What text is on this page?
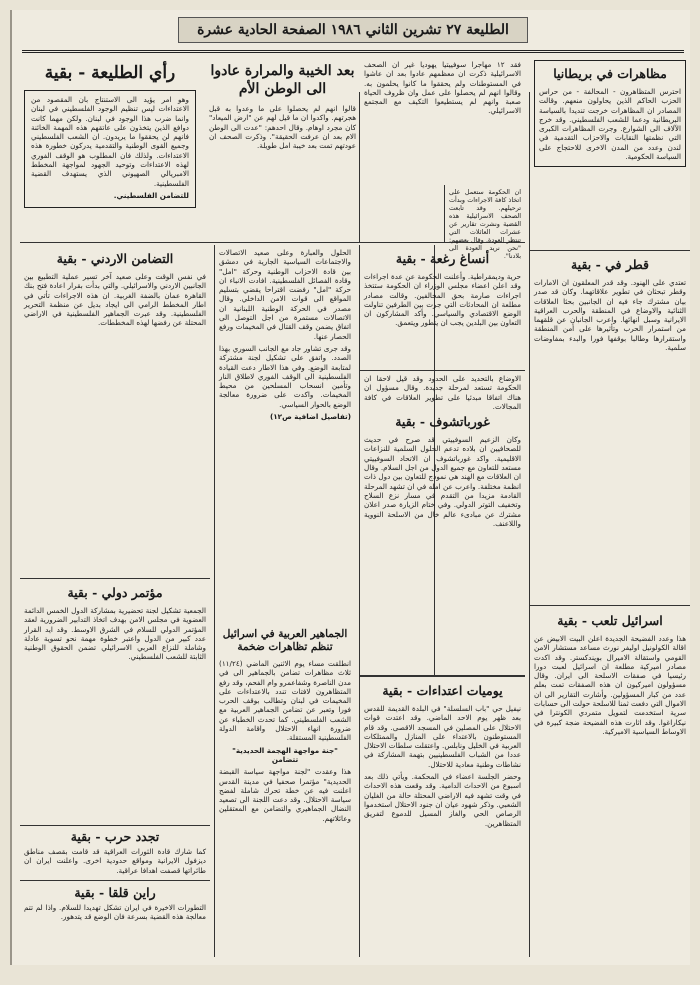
الطليعة ٢٧ تشرين الثاني ١٩٨٦ الصفحة الحادية عشرة
مظاهرات في بريطانيا

احترس المتظاهرون - المحالفة - من حراس الحزب الحاكم الذين يحاولون منعهم. وقالت المصادر ان المظاهرات خرجت تنديدا بالسياسة البريطانية ودعما للشعب الفلسطيني. وقد خرج الآلاف الى الشوارع. وجرت المظاهرات الكبرى التي نظمتها النقابات والاحزاب التقدمية في لندن وعدد من المدن الاخرى للاحتجاج على السياسة الحكومية.

فقد ١٢ مهاجرا سوفييتيا يهوديا غير ان الصحف الاسرائيلية ذكرت ان معظمهم عادوا بعد ان عاشوا في المستوطنات ولم يحققوا ما كانوا يحلمون به. وقالوا انهم لم يحصلوا على عمل وان ظروف الحياة صعبة وانهم لم يستطيعوا التكيف مع المجتمع الاسرائيلي.

بعد الخيبة والمرارة عادوا الى الوطن الأم

قالوا انهم لم يحصلوا على ما وعدوا به قبل هجرتهم. واكدوا ان ما قيل لهم عن "ارض الميعاد" كان مجرد اوهام. وقال احدهم: "عدت الى الوطن الام بعد ان عرفت الحقيقة". وذكرت الصحف ان عودتهم تمت بعد خيبة امل طويلة.

ان الحكومة ستعمل على اتخاذ كافة الاجراءات وبدأت ترحيلهم. وقد تابعت الصحف الاسرائيلية هذه القضية ونشرت تقارير عن عشرات العائلات التي تنتظر العودة. وقال بعضهم: "نحن نريد العودة الى بلادنا".

رأي الطليعة - بقية

وهو امر يؤيد الى الاستنتاج بان المقصود من الاعتداءات ليس تنظيم الوجود الفلسطيني في لبنان وانما ضرب هذا الوجود في لبنان. ولكن مهما كانت دوافع الذين يتخذون على عاتقهم هذه المهمة الخائنة فانهم لن يحققوا ما يريدون. ان الشعب الفلسطيني وجميع القوى الوطنية والتقدمية يدركون خطورة هذه الاعتداءات. ولذلك فان المطلوب هو الوقف الفوري لهذه الاعتداءات وتوحيد الجهود لمواجهة المخطط الامبريالي الصهيوني الذي يستهدف القضية الفلسطينية.

للتضامن الفلسطيني.

قطر في - بقية

تعتدي على الهنود. وقد قدر المعلقون ان الامارات وقطر تبحثان في تطوير علاقاتهما. وكان قد صدر بيان مشترك جاء فيه ان الجانبين بحثا العلاقات الثنائية والاوضاع في المنطقة والحرب العراقية الايرانية وسبل انهائها. واعرب الجانبان عن قلقهما من استمرار الحرب وتأثيرها على أمن المنطقة واستقرارها وطالبا بوقفها فورا والبدء بمفاوضات سلمية.

اسرائيل تلعب - بقية

هذا وعدد الفضيحة الجديدة اعلن البيت الابيض عن اقالة الكولونيل اوليفر نورث مساعد مستشار الامن القومي واستقالة الاميرال بويندكستر. وقد اكدت مصادر اميركية مطلعة ان اسرائيل لعبت دورا رئيسيا في صفقات الاسلحة الى ايران. وقال مسؤولون اميركيون ان هذه الصفقات تمت بعلم عدد من كبار المسؤولين. وأشارت التقارير الى ان الاموال التي دفعت ثمنا للاسلحة حولت الى حسابات سرية استخدمت لتمويل متمردي الكونترا في نيكاراغوا. وقد اثارت هذه الفضيحة ضجة كبيرة في الاوساط السياسية الاميركية.

أنساغ رغعة - بقية

حرية وديمقراطية. وأعلنت الحكومة عن عدة اجراءات وقد اعلن اعضاء مجلس الوزراء ان الحكومة ستتخذ اجراءات صارمة بحق المخالفين. وقالت مصادر مطلعة ان المحادثات التي جرت بين الطرفين تناولت الوضع الاقتصادي والسياسي. وأكد المشاركون ان التعاون بين البلدين يجب ان يتطور ويتعمق.

الاوضاع بالتحديد على الحدود وقد قيل لاحقا ان الحكومة تستعد لمرحلة جديدة. وقال مسؤول ان هناك اتفاقا مبدئيا على تطوير العلاقات في كافة المجالات.

غورباتشوف - بقية

وكان الزعيم السوفييتي قد صرح في حديث للصحافيين ان بلاده تدعم الحلول السلمية للنزاعات الاقليمية. واكد غورباتشوف ان الاتحاد السوفييتي مستعد للتعاون مع جميع الدول من اجل السلام. وقال ان العلاقات مع الهند هي نموذج للتعاون بين دول ذات انظمة مختلفة. واعرب عن امله في ان تشهد المرحلة القادمة مزيدا من التقدم في مسار نزع السلاح وتخفيف التوتر الدولي. وفي ختام الزيارة صدر اعلان مشترك عن مبادىء عالم خال من الاسلحة النووية واللاعنف.

يوميات اعتداءات - بقية

نيفيل حي "باب السلسلة" في البلدة القديمة للقدس بعد ظهر يوم الاحد الماضي. وقد اعتدت قوات الاحتلال على المصلين في المسجد الاقصى. وقد قام المستوطنون بالاعتداء على المنازل والممتلكات العربية في الخليل ونابلس. واعتقلت سلطات الاحتلال عددا من الشباب الفلسطينيين بتهمة المشاركة في نشاطات وطنية معادية للاحتلال.

وحضر الجلسة اعضاء في المحكمة. ويأتي ذلك بعد اسبوع من الاحداث الدامية. وقد وقعت هذه الاحداث في وقت تشهد فيه الاراضي المحتلة حالة من الغليان الشعبي. وذكر شهود عيان ان جنود الاحتلال استخدموا الرصاص الحي والغاز المسيل للدموع لتفريق المتظاهرين.

الحلول والعبارة وعلى صعيد الاتصالات والاجتماعات السياسية الجارية في دمشق بين قادة الاحزاب الوطنية وحركة "امل" وقادة الفصائل الفلسطينية. افادت الانباء ان حركة "امل" رفضت اقتراحا يقضي بتسليم المواقع الى قوات الامن الداخلي. وقال مصدر في الحركة الوطنية اللبنانية ان الاتصالات مستمرة من اجل التوصل الى اتفاق يضمن وقف القتال في المخيمات ورفع الحصار عنها.

وقد جرى تشاور جاد مع الجانب السوري بهذا الصدد. واتفق على تشكيل لجنة مشتركة لمتابعة الوضع. وفي هذا الاطار دعت القيادة الفلسطينية الى الوقف الفوري لاطلاق النار وتأمين انسحاب المسلحين من محيط المخيمات. واكدت على ضرورة معالجة الوضع بالحوار السياسي.

(تفاصيل اضافية ص١٢)

الجماهير العربية في اسرائيل تنظم تظاهرات ضخمة

انطلقت مساء يوم الاثنين الماضي (١١/٢٤) ثلاث مظاهرات تضامن بالجماهير الى في مدن الناصرة وشفاعمرو وام الفحم، وقد رفع المتظاهرون لافتات تندد بالاعتداءات على المخيمات في لبنان وتطالب بوقف الحرب فورا وتعبر عن تضامن الجماهير العربية مع الشعب الفلسطيني. كما تحدث الخطباء عن ضرورة انهاء الاحتلال واقامة الدولة الفلسطينية المستقلة.

"جنة مواجهة الهجمة الحديدية" تتضامن

هذا وعقدت "لجنة مواجهة سياسة القبضة الحديدية" مؤتمرا صحفيا في مدينة القدس اعلنت فيه عن خطة تحرك شاملة لفضح سياسة الاحتلال. وقد دعت اللجنة الى تصعيد النضال الجماهيري والتضامن مع المعتقلين وعائلاتهم.

التضامن الاردني - بقية

في نفس الوقت وعلى صعيد آخر تسير عملية التطبيع بين الجانبين الاردني والاسرائيلي. والتي بدأت بقرار اعادة فتح بنك القاهرة عمان بالضفة الغربية. ان هذه الاجراءات تأتي في اطار المخطط الرامي الى ايجاد بديل عن منظمة التحرير الفلسطينية. وقد عبرت الجماهير الفلسطينية في الاراضي المحتلة عن رفضها لهذه المخططات.

مؤتمر دولي - بقية

الجمعية تشكيل لجنة تحضيرية بمشاركة الدول الخمس الدائمة العضوية في مجلس الامن بهدف اتخاذ التدابير الضرورية لعقد المؤتمر الدولي للسلام في الشرق الاوسط. وقد ايد القرار عدد كبير من الدول واعتبر خطوة مهمة نحو تسوية عادلة وشاملة للنزاع العربي الاسرائيلي تضمن الحقوق الوطنية الثابتة للشعب الفلسطيني.

تجدد حرب - بقية

كما شارك قادة الثورات العراقية قد قامت بقصف مناطق ديزفول الايرانية ومواقع حدودية اخرى. واعلنت ايران ان طائراتها قصفت اهدافا عراقية.

راين قلقا - بقية

التطورات الاخيرة في ايران تشكل تهديدا للسلام. واذا لم تتم معالجة هذه القضية بسرعة فان الوضع قد يتدهور.
